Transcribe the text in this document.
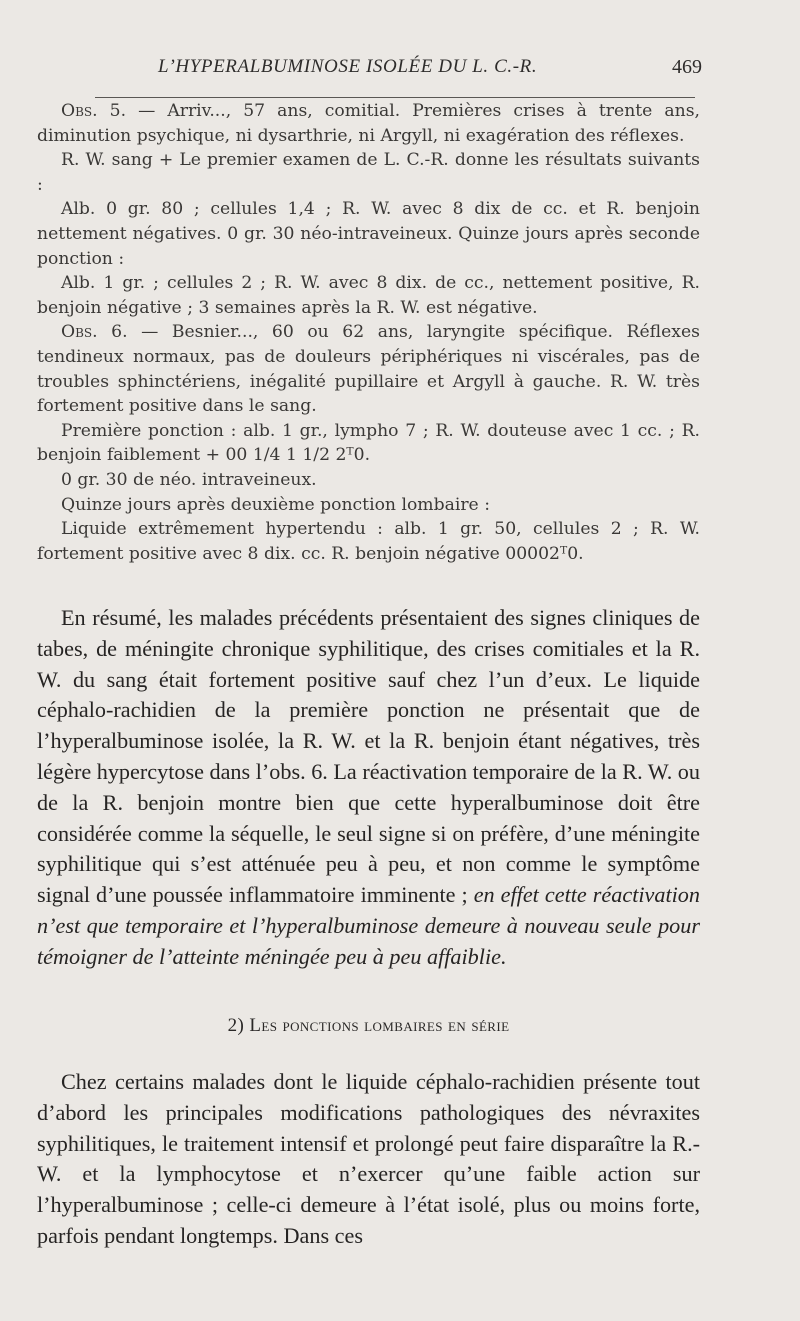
L’HYPERALBUMINOSE ISOLÉE DU L. C.-R.	469

Obs. 5. — Arriv..., 57 ans, comitial. Premières crises à trente ans, diminution psychique, ni dysarthrie, ni Argyll, ni exagération des réflexes.

R. W. sang + Le premier examen de L. C.-R. donne les résultats suivants :

Alb. 0 gr. 80 ; cellules 1,4 ; R. W. avec 8 dix de cc. et R. benjoin nettement négatives. 0 gr. 30 néo-intraveineux. Quinze jours après seconde ponction :

Alb. 1 gr. ; cellules 2 ; R. W. avec 8 dix. de cc., nettement positive, R. benjoin négative ; 3 semaines après la R. W. est négative.

Obs. 6. — Besnier..., 60 ou 62 ans, laryngite spécifique. Réflexes tendineux normaux, pas de douleurs périphériques ni viscérales, pas de troubles sphinctériens, inégalité pupillaire et Argyll à gauche. R. W. très fortement positive dans le sang.

Première ponction : alb. 1 gr., lympho 7 ; R. W. douteuse avec 1 cc. ; R. benjoin faiblement + 00 1/4 1 1/2 2ᵀ0.

0 gr. 30 de néo. intraveineux.

Quinze jours après deuxième ponction lombaire :

Liquide extrêmement hypertendu : alb. 1 gr. 50, cellules 2 ; R. W. fortement positive avec 8 dix. cc. R. benjoin négative 00002ᵀ0.

En résumé, les malades précédents présentaient des signes cliniques de tabes, de méningite chronique syphilitique, des crises comitiales et la R. W. du sang était fortement positive sauf chez l’un d’eux. Le liquide céphalo-rachidien de la première ponction ne présentait que de l’hyperalbuminose isolée, la R. W. et la R. benjoin étant négatives, très légère hypercytose dans l’obs. 6. La réactivation temporaire de la R. W. ou de la R. benjoin montre bien que cette hyperalbuminose doit être considérée comme la séquelle, le seul signe si on préfère, d’une méningite syphilitique qui s’est atténuée peu à peu, et non comme le symptôme signal d’une poussée inflammatoire imminente ; en effet cette réactivation n’est que temporaire et l’hyperalbuminose demeure à nouveau seule pour témoigner de l’atteinte méningée peu à peu affaiblie.

2) Les ponctions lombaires en série

Chez certains malades dont le liquide céphalo-rachidien présente tout d’abord les principales modifications pathologiques des névraxites syphilitiques, le traitement intensif et prolongé peut faire disparaître la R.-W. et la lymphocytose et n’exercer qu’une faible action sur l’hyperalbuminose ; celle-ci demeure à l’état isolé, plus ou moins forte, parfois pendant longtemps. Dans ces
